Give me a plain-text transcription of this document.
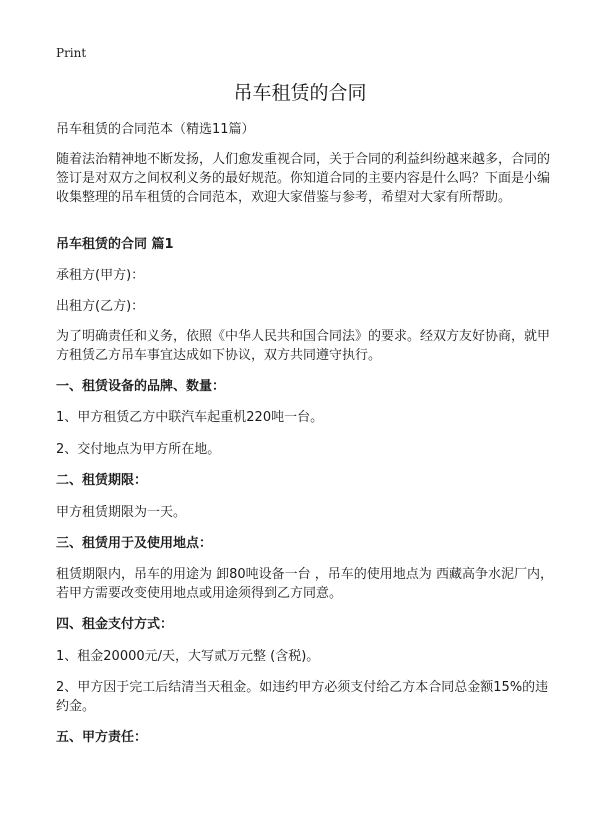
Print
吊车租赁的合同
吊车租赁的合同范本（精选11篇）
随着法治精神地不断发扬，人们愈发重视合同，关于合同的利益纠纷越来越多，合同的签订是对双方之间权利义务的最好规范。你知道合同的主要内容是什么吗？下面是小编收集整理的吊车租赁的合同范本，欢迎大家借鉴与参考，希望对大家有所帮助。
吊车租赁的合同 篇1
承租方(甲方)：
出租方(乙方)：
为了明确责任和义务，依照《中华人民共和国合同法》的要求。经双方友好协商，就甲方租赁乙方吊车事宜达成如下协议，双方共同遵守执行。
一、租赁设备的品牌、数量：
1、甲方租赁乙方中联汽车起重机220吨一台。
2、交付地点为甲方所在地。
二、租赁期限：
甲方租赁期限为一天。
三、租赁用于及使用地点：
租赁期限内，吊车的用途为 卸80吨设备一台 ，吊车的使用地点为 西藏高争水泥厂内，若甲方需要改变使用地点或用途须得到乙方同意。
四、租金支付方式：
1、租金20000元/天，大写贰万元整 (含税)。
2、甲方因于完工后结清当天租金。如违约甲方必须支付给乙方本合同总金额15%的违约金。
五、甲方责任：
